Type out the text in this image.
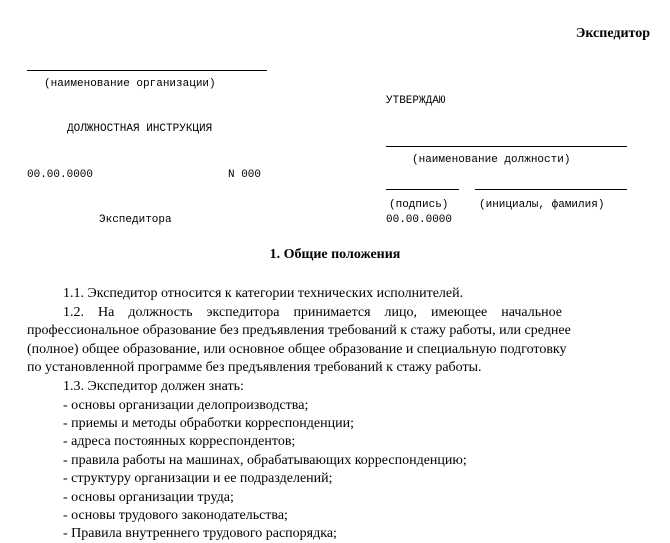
Экспедитор
(наименование организации)
ДОЛЖНОСТНАЯ ИНСТРУКЦИЯ
00.00.0000	N 000
Экспедитора
УТВЕРЖДАЮ
(наименование должности)
(подпись)	(инициалы, фамилия)
00.00.0000
1. Общие положения
1.1. Экспедитор относится к категории технических исполнителей.
1.2.    На    должность    экспедитора    принимается    лицо,    имеющее    начальное
профессиональное образование без предъявления требований к стажу работы, или среднее
(полное) общее образование, или основное общее образование и специальную подготовку
по установленной программе без предъявления требований к стажу работы.
1.3. Экспедитор должен знать:
- основы организации делопроизводства;
- приемы и методы обработки корреспонденции;
- адреса постоянных корреспондентов;
- правила работы на машинах, обрабатывающих корреспонденцию;
- структуру организации и ее подразделений;
- основы организации труда;
- основы трудового законодательства;
- Правила внутреннего трудового распорядка;
